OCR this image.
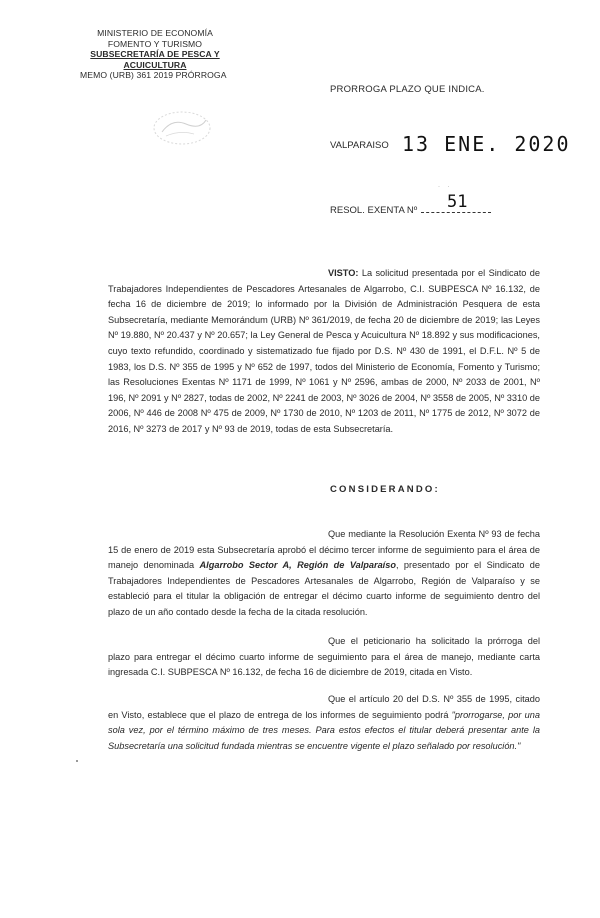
MINISTERIO DE ECONOMÍA
FOMENTO Y TURISMO
SUBSECRETARÍA DE PESCA Y ACUICULTURA
MEMO (URB) 361 2019 PRÓRROGA
PRORROGA PLAZO QUE INDICA.
VALPARAISO 13 ENE. 2020
· ·
RESOL. EXENTA Nº	51
VISTO: La solicitud presentada por el Sindicato de Trabajadores Independientes de Pescadores Artesanales de Algarrobo, C.I. SUBPESCA Nº 16.132, de fecha 16 de diciembre de 2019; lo informado por la División de Administración Pesquera de esta Subsecretaría, mediante Memorándum (URB) Nº 361/2019, de fecha 20 de diciembre de 2019; las Leyes Nº 19.880, Nº 20.437 y Nº 20.657; la Ley General de Pesca y Acuicultura Nº 18.892 y sus modificaciones, cuyo texto refundido, coordinado y sistematizado fue fijado por D.S. Nº 430 de 1991, el D.F.L. Nº 5 de 1983, los D.S. Nº 355 de 1995 y Nº 652 de 1997, todos del Ministerio de Economía, Fomento y Turismo; las Resoluciones Exentas Nº 1171 de 1999, Nº 1061 y Nº 2596, ambas de 2000, Nº 2033 de 2001, Nº 196, Nº 2091 y Nº 2827, todas de 2002, Nº 2241 de 2003, Nº 3026 de 2004, Nº 3558 de 2005, Nº 3310 de 2006, Nº 446 de 2008 Nº 475 de 2009, Nº 1730 de 2010, Nº 1203 de 2011, Nº 1775 de 2012, Nº 3072 de 2016, Nº 3273 de 2017 y Nº 93 de 2019, todas de esta Subsecretaría.
CONSIDERANDO:
Que mediante la Resolución Exenta Nº 93 de fecha 15 de enero de 2019 esta Subsecretaría aprobó el décimo tercer informe de seguimiento para el área de manejo denominada Algarrobo Sector A, Región de Valparaíso, presentado por el Sindicato de Trabajadores Independientes de Pescadores Artesanales de Algarrobo, Región de Valparaíso y se estableció para el titular la obligación de entregar el décimo cuarto informe de seguimiento dentro del plazo de un año contado desde la fecha de la citada resolución.
Que el peticionario ha solicitado la prórroga del plazo para entregar el décimo cuarto informe de seguimiento para el área de manejo, mediante carta ingresada C.I. SUBPESCA Nº 16.132, de fecha 16 de diciembre de 2019, citada en Visto.
Que el artículo 20 del D.S. Nº 355 de 1995, citado en Visto, establece que el plazo de entrega de los informes de seguimiento podrá "prorrogarse, por una sola vez, por el término máximo de tres meses. Para estos efectos el titular deberá presentar ante la Subsecretaría una solicitud fundada mientras se encuentre vigente el plazo señalado por resolución."
